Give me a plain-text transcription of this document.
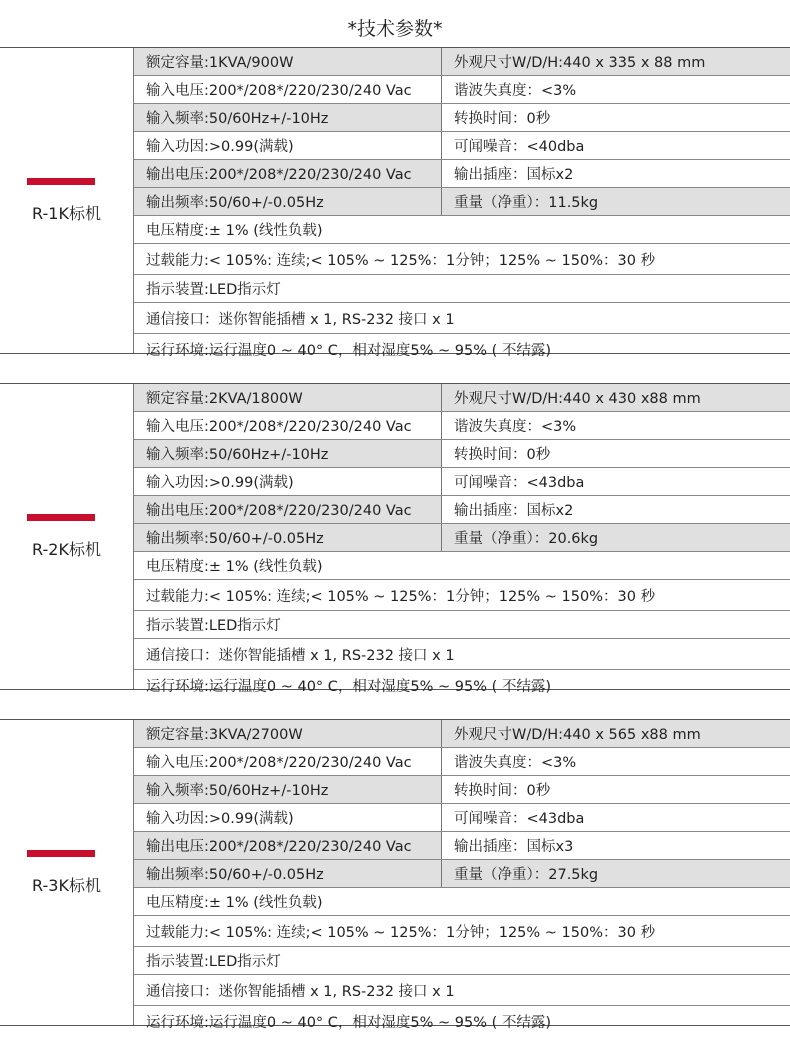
*技术参数*
R-1K标机
额定容量:1KVA/900W	外观尺寸W/D/H:440 x 335 x 88 mm
输入电压:200*/208*/220/230/240 Vac	谐波失真度：<3%
输入频率:50/60Hz+/-10Hz	转换时间：0秒
输入功因:>0.99(满载)	可闻噪音：<40dba
输出电压:200*/208*/220/230/240 Vac	输出插座：国标x2
输出频率:50/60+/-0.05Hz	重量（净重）：11.5kg
电压精度:± 1% (线性负载)
过载能力:< 105%: 连续;< 105% ~ 125%：1分钟；125% ~ 150%：30 秒
指示装置:LED指示灯
通信接口：迷你智能插槽 x 1, RS-232 接口 x 1
运行环境:运行温度0 ~ 40° C，相对湿度5% ~ 95% ( 不结露)
R-2K标机
额定容量:2KVA/1800W	外观尺寸W/D/H:440 x 430 x88 mm
输入电压:200*/208*/220/230/240 Vac	谐波失真度：<3%
输入频率:50/60Hz+/-10Hz	转换时间：0秒
输入功因:>0.99(满载)	可闻噪音：<43dba
输出电压:200*/208*/220/230/240 Vac	输出插座：国标x2
输出频率:50/60+/-0.05Hz	重量（净重）：20.6kg
电压精度:± 1% (线性负载)
过载能力:< 105%: 连续;< 105% ~ 125%：1分钟；125% ~ 150%：30 秒
指示装置:LED指示灯
通信接口：迷你智能插槽 x 1, RS-232 接口 x 1
运行环境:运行温度0 ~ 40° C，相对湿度5% ~ 95% ( 不结露)
R-3K标机
额定容量:3KVA/2700W	外观尺寸W/D/H:440 x 565 x88 mm
输入电压:200*/208*/220/230/240 Vac	谐波失真度：<3%
输入频率:50/60Hz+/-10Hz	转换时间：0秒
输入功因:>0.99(满载)	可闻噪音：<43dba
输出电压:200*/208*/220/230/240 Vac	输出插座：国标x3
输出频率:50/60+/-0.05Hz	重量（净重）：27.5kg
电压精度:± 1% (线性负载)
过载能力:< 105%: 连续;< 105% ~ 125%：1分钟；125% ~ 150%：30 秒
指示装置:LED指示灯
通信接口：迷你智能插槽 x 1, RS-232 接口 x 1
运行环境:运行温度0 ~ 40° C，相对湿度5% ~ 95% ( 不结露)
